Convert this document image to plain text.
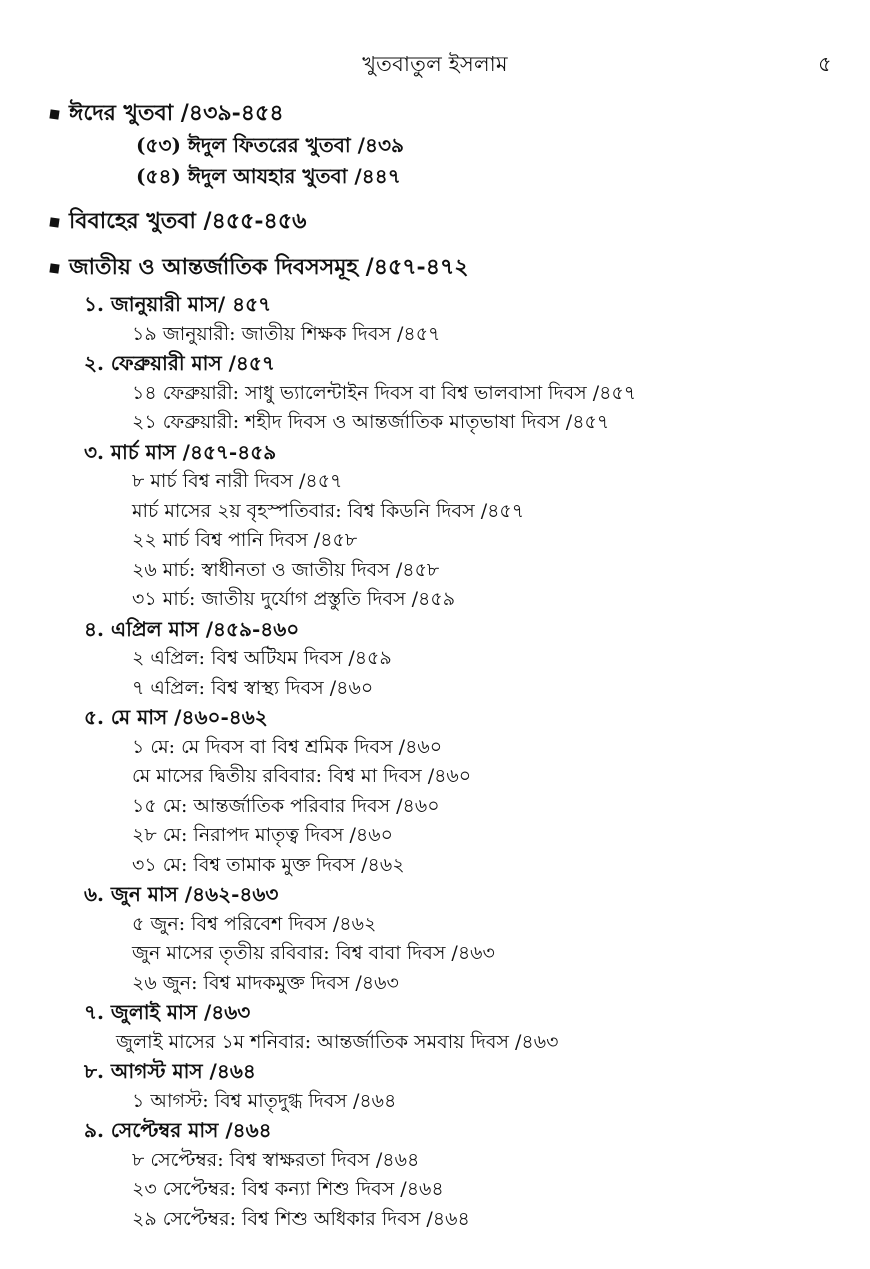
খুতবাতুল ইসলাম	৫
ঈদের খুতবা /৪৩৯-৪৫৪
(৫৩) ঈদুল ফিতরের খুতবা /৪৩৯
(৫৪) ঈদুল আযহার খুতবা /৪৪৭
বিবাহের খুতবা /৪৫৫-৪৫৬
জাতীয় ও আন্তর্জাতিক দিবসসমূহ /৪৫৭-৪৭২
১. জানুয়ারী মাস/ ৪৫৭
১৯ জানুয়ারী: জাতীয় শিক্ষক দিবস /৪৫৭
২. ফেব্রুয়ারী মাস /৪৫৭
১৪ ফেব্রুয়ারী: সাধু ভ্যালেন্টাইন দিবস বা বিশ্ব ভালবাসা দিবস /৪৫৭
২১ ফেব্রুয়ারী: শহীদ দিবস ও আন্তর্জাতিক মাতৃভাষা দিবস /৪৫৭
৩. মার্চ মাস /৪৫৭-৪৫৯
৮ মার্চ বিশ্ব নারী দিবস /৪৫৭
মার্চ মাসের ২য় বৃহস্পতিবার: বিশ্ব কিডনি দিবস /৪৫৭
২২ মার্চ বিশ্ব পানি দিবস /৪৫৮
২৬ মার্চ: স্বাধীনতা ও জাতীয় দিবস /৪৫৮
৩১ মার্চ: জাতীয় দুর্যোগ প্রস্তুতি দিবস /৪৫৯
৪. এপ্রিল মাস /৪৫৯-৪৬০
২ এপ্রিল: বিশ্ব অটিযম দিবস /৪৫৯
৭ এপ্রিল: বিশ্ব স্বাস্থ্য দিবস /৪৬০
৫. মে মাস /৪৬০-৪৬২
১ মে: মে দিবস বা বিশ্ব শ্রমিক দিবস /৪৬০
মে মাসের দ্বিতীয় রবিবার: বিশ্ব মা দিবস /৪৬০
১৫ মে: আন্তর্জাতিক পরিবার দিবস /৪৬০
২৮ মে: নিরাপদ মাতৃত্ব দিবস /৪৬০
৩১ মে: বিশ্ব তামাক মুক্ত দিবস /৪৬২
৬. জুন মাস /৪৬২-৪৬৩
৫ জুন: বিশ্ব পরিবেশ দিবস /৪৬২
জুন মাসের তৃতীয় রবিবার: বিশ্ব বাবা দিবস /৪৬৩
২৬ জুন: বিশ্ব মাদকমুক্ত দিবস /৪৬৩
৭. জুলাই মাস /৪৬৩
জুলাই মাসের ১ম শনিবার: আন্তর্জাতিক সমবায় দিবস /৪৬৩
৮. আগস্ট মাস /৪৬৪
১ আগস্ট: বিশ্ব মাতৃদুগ্ধ দিবস /৪৬৪
৯. সেপ্টেম্বর মাস /৪৬৪
৮ সেপ্টেম্বর: বিশ্ব স্বাক্ষরতা দিবস /৪৬৪
২৩ সেপ্টেম্বর: বিশ্ব কন্যা শিশু দিবস /৪৬৪
২৯ সেপ্টেম্বর: বিশ্ব শিশু অধিকার দিবস /৪৬৪
